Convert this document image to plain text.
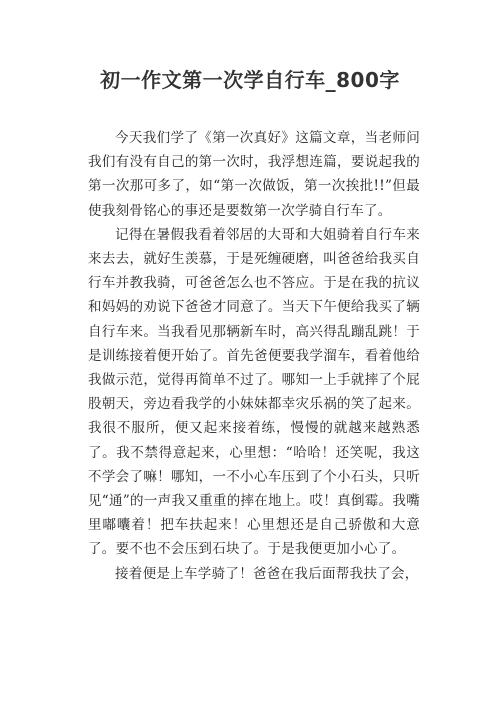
初一作文第一次学自行车_800字

今天我们学了《第一次真好》这篇文章，当老师问我们有没有自己的第一次时，我浮想连篇，要说起我的第一次那可多了，如“第一次做饭，第一次挨批!!”但最使我刻骨铭心的事还是要数第一次学骑自行车了。

记得在暑假我看着邻居的大哥和大姐骑着自行车来来去去，就好生羡慕，于是死缠硬磨，叫爸爸给我买自行车并教我骑，可爸爸怎么也不答应。于是在我的抗议和妈妈的劝说下爸爸才同意了。当天下午便给我买了辆自行车来。当我看见那辆新车时，高兴得乱蹦乱跳！于是训练接着便开始了。首先爸便要我学溜车，看着他给我做示范，觉得再简单不过了。哪知一上手就摔了个屁股朝天，旁边看我学的小妹妹都幸灾乐祸的笑了起来。我很不服所，便又起来接着练，慢慢的就越来越熟悉了。我不禁得意起来，心里想：“哈哈！还笑呢，我这不学会了嘛！哪知，一不小心车压到了个小石头，只听见“通”的一声我又重重的摔在地上。哎！真倒霉。我嘴里嘟囔着！把车扶起来！心里想还是自己骄傲和大意了。要不也不会压到石块了。于是我便更加小心了。

接着便是上车学骑了！爸爸在我后面帮我扶了会，
